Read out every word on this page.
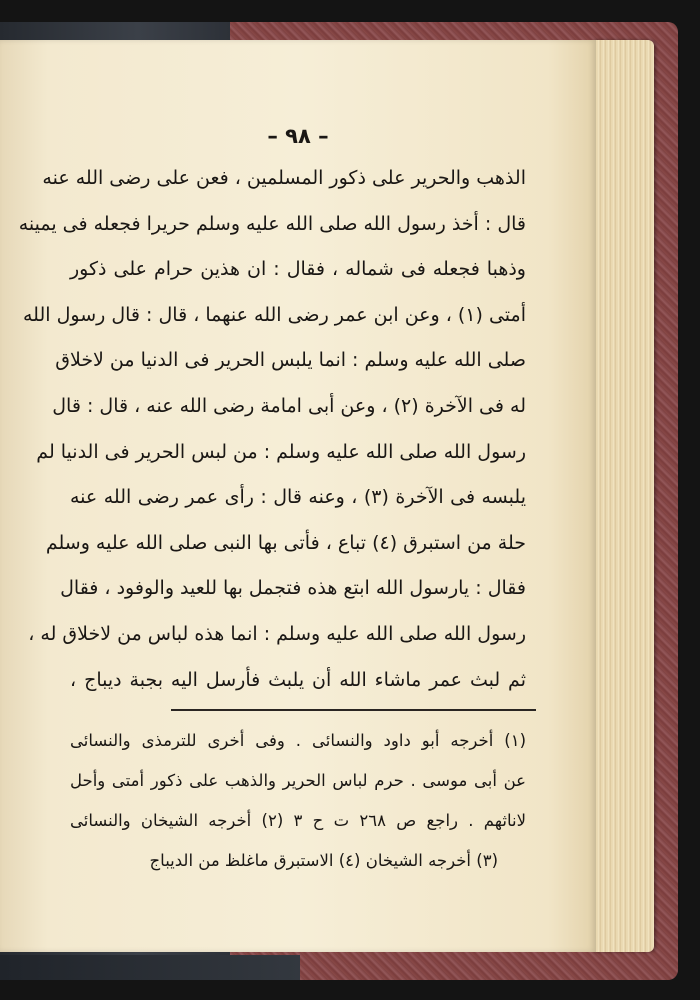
– ٩٨ –
الذهب والحرير على ذكور المسلمين ، فعن على رضى الله عنه
قال : أخذ رسول الله صلى الله عليه وسلم حريرا فجعله فى يمينه
وذهبا فجعله فى شماله ، فقال : ان هذين حرام على ذكور
أمتى (١) ، وعن ابن عمر رضى الله عنهما ، قال : قال رسول الله
صلى الله عليه وسلم : انما يلبس الحرير فى الدنيا من لاخلاق
له فى الآخرة (٢) ، وعن أبى امامة رضى الله عنه ، قال : قال
رسول الله صلى الله عليه وسلم : من لبس الحرير فى الدنيا لم
يلبسه فى الآخرة (٣) ، وعنه قال : رأى عمر رضى الله عنه
حلة من استبرق (٤) تباع ، فأتى بها النبى صلى الله عليه وسلم
فقال : يارسول الله ابتع هذه فتجمل بها للعيد والوفود ، فقال
رسول الله صلى الله عليه وسلم : انما هذه لباس من لاخلاق له ،
ثم لبث عمر ماشاء الله أن يلبث فأرسل اليه بجبة ديباج ،
(١) أخرجه أبو داود والنسائى . وفى أخرى للترمذى والنسائى
عن أبى موسى . حرم لباس الحرير والذهب على ذكور أمتى وأحل
لاناثهم . راجع ص ٢٦٨ ت ح ٣ (٢) أخرجه الشيخان والنسائى
(٣) أخرجه الشيخان (٤) الاستبرق ماغلظ من الديباج
